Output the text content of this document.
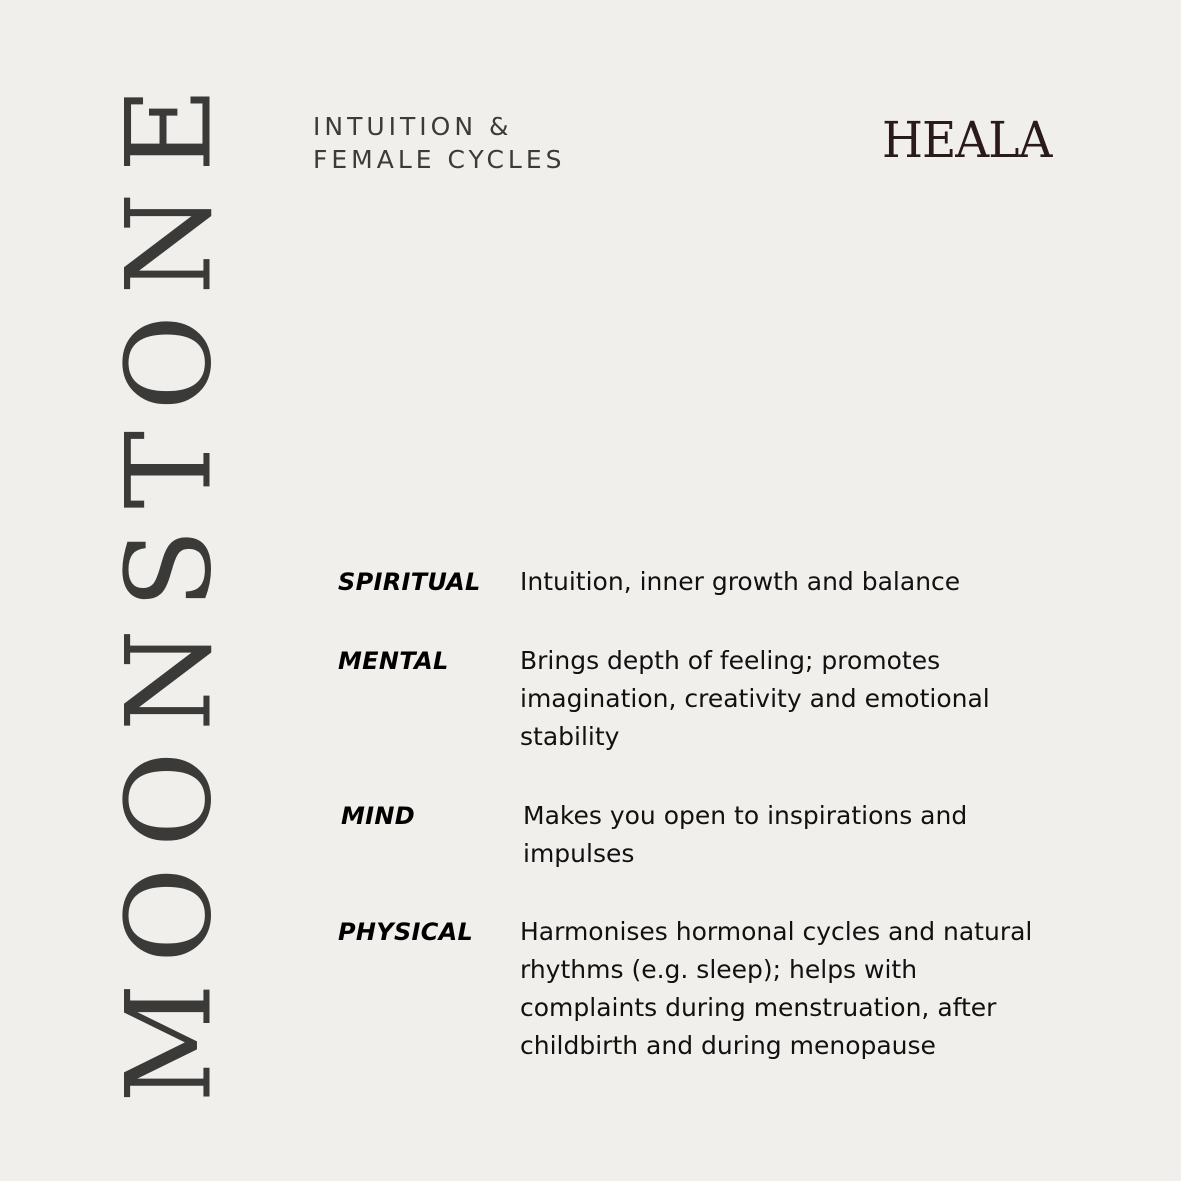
MOONSTONE	INTUITION &
FEMALE CYCLES	HEALA
SPIRITUAL Intuition, inner growth and balance
MENTAL	Brings depth of feeling; promotes
imagination, creativity and emotional
stability
MIND	Makes you open to inspirations and
impulses
PHYSICAL Harmonises hormonal cycles and natural
rhythms (e.g. sleep); helps with
complaints during menstruation, after
childbirth and during menopause
